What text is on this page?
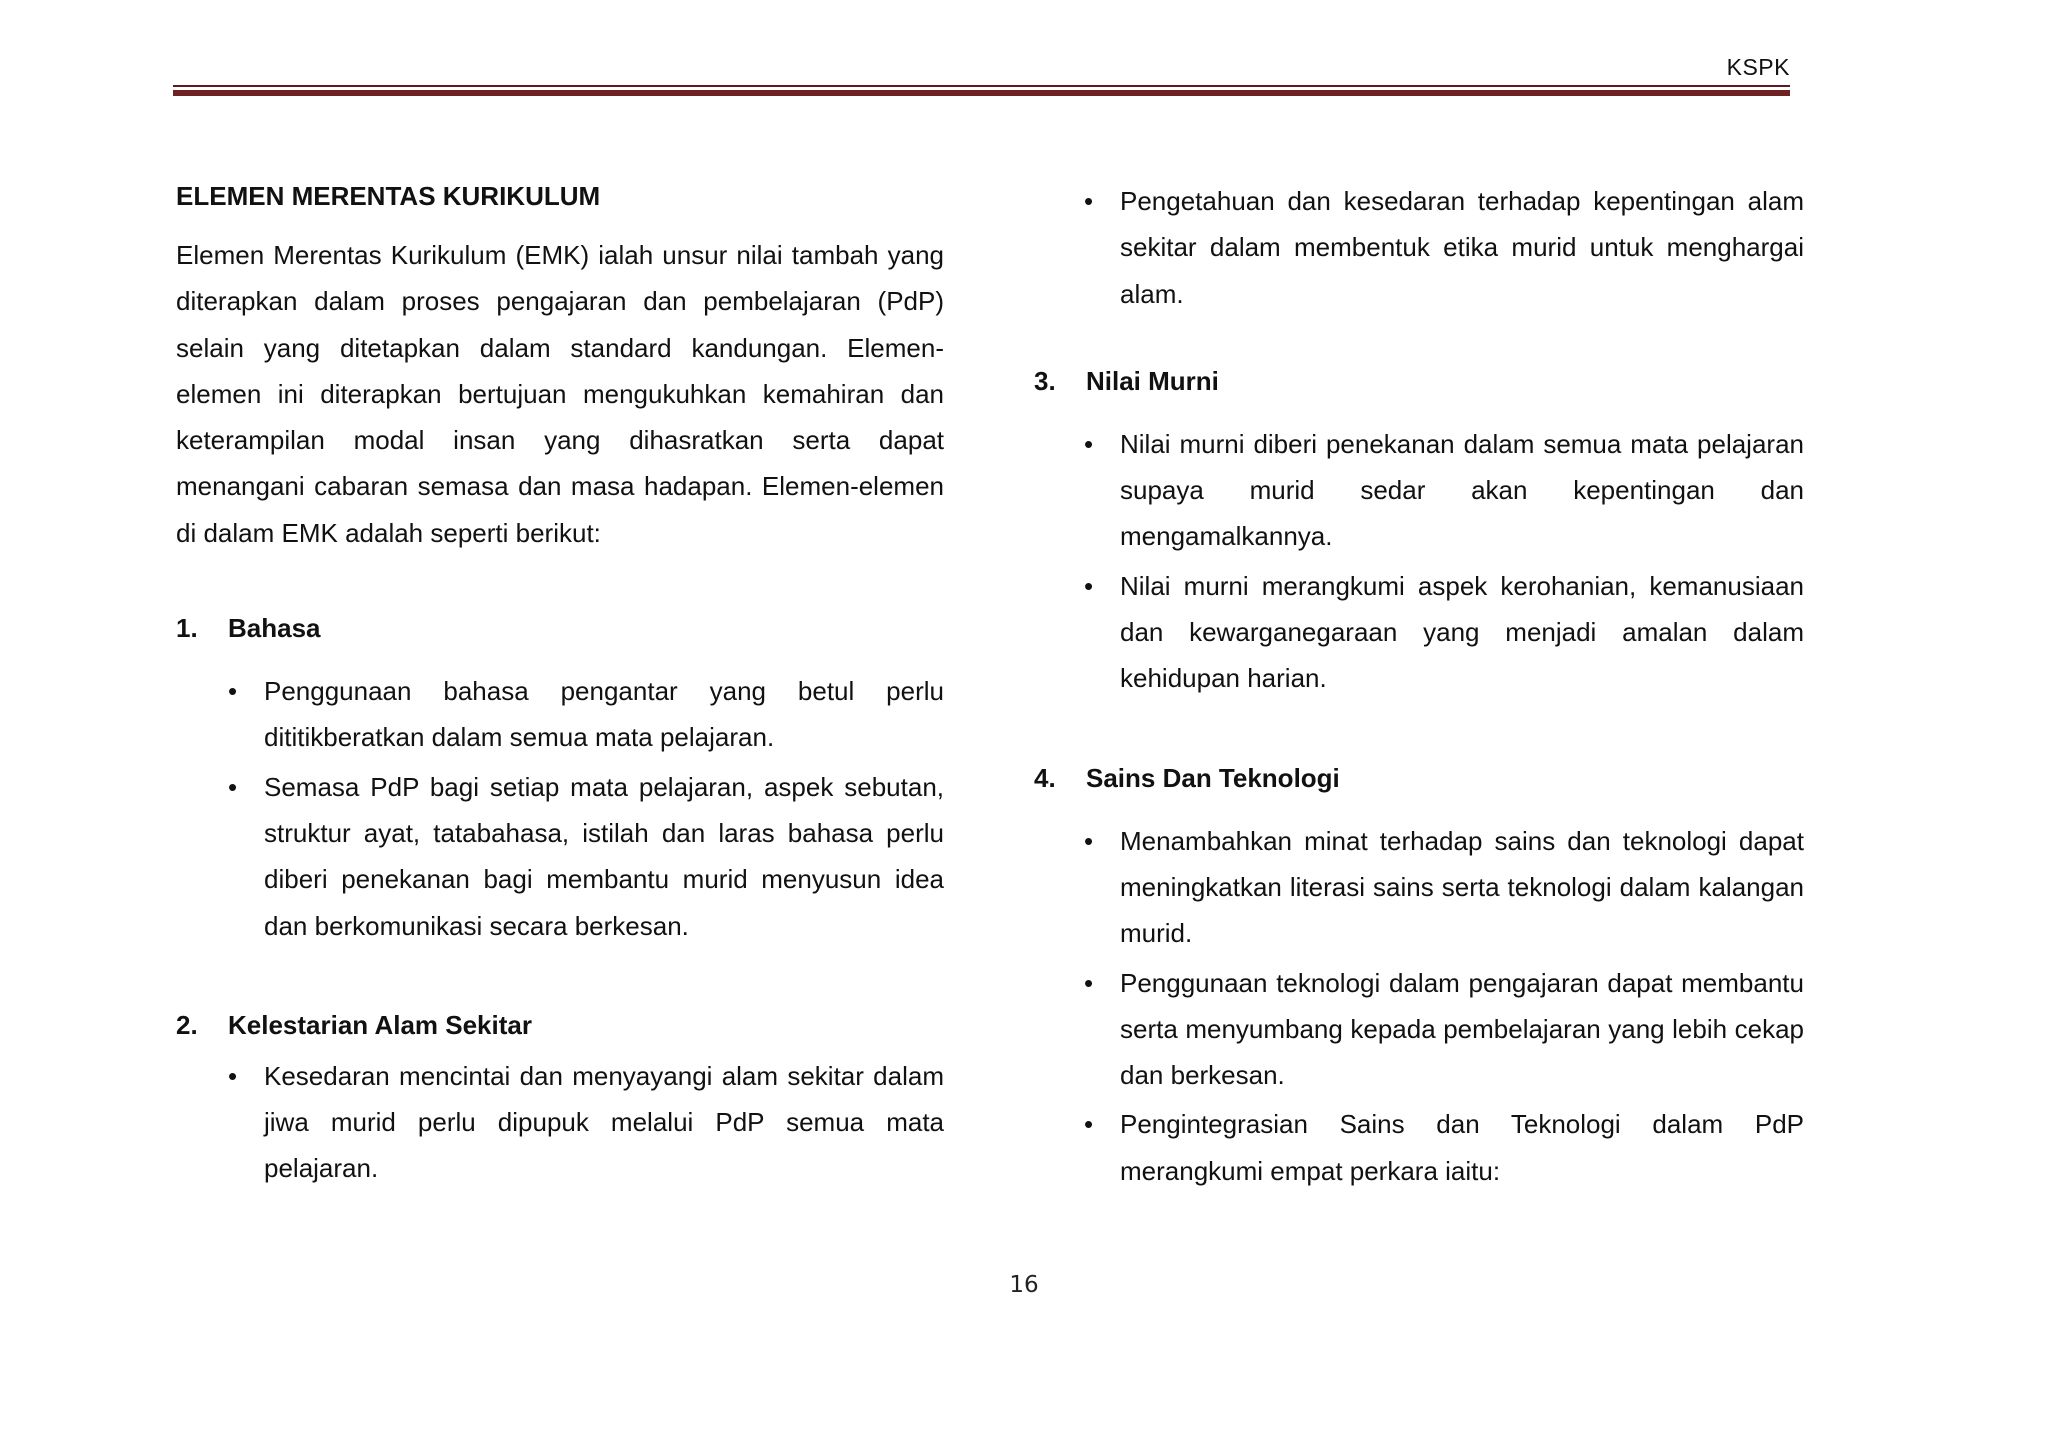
KSPK
ELEMEN MERENTAS KURIKULUM

Elemen Merentas Kurikulum (EMK) ialah unsur nilai tambah yang diterapkan dalam proses pengajaran dan pembelajaran (PdP) selain yang ditetapkan dalam standard kandungan. Elemen-elemen ini diterapkan bertujuan mengukuhkan kemahiran dan keterampilan modal insan yang dihasratkan serta dapat menangani cabaran semasa dan masa hadapan. Elemen-elemen di dalam EMK adalah seperti berikut:

1.	Bahasa
• Penggunaan bahasa pengantar yang betul perlu dititikberatkan dalam semua mata pelajaran.
• Semasa PdP bagi setiap mata pelajaran, aspek sebutan, struktur ayat, tatabahasa, istilah dan laras bahasa perlu diberi penekanan bagi membantu murid menyusun idea dan berkomunikasi secara berkesan.
2.	Kelestarian Alam Sekitar
• Kesedaran mencintai dan menyayangi alam sekitar dalam jiwa murid perlu dipupuk melalui PdP semua mata pelajaran.
• Pengetahuan dan kesedaran terhadap kepentingan alam sekitar dalam membentuk etika murid untuk menghargai alam.
3.	Nilai Murni
• Nilai murni diberi penekanan dalam semua mata pelajaran supaya murid sedar akan kepentingan dan mengamalkannya.
• Nilai murni merangkumi aspek kerohanian, kemanusiaan dan kewarganegaraan yang menjadi amalan dalam kehidupan harian.
4.	Sains Dan Teknologi
• Menambahkan minat terhadap sains dan teknologi dapat meningkatkan literasi sains serta teknologi dalam kalangan murid.
• Penggunaan teknologi dalam pengajaran dapat membantu serta menyumbang kepada pembelajaran yang lebih cekap dan berkesan.
• Pengintegrasian Sains dan Teknologi dalam PdP merangkumi empat perkara iaitu:
16
